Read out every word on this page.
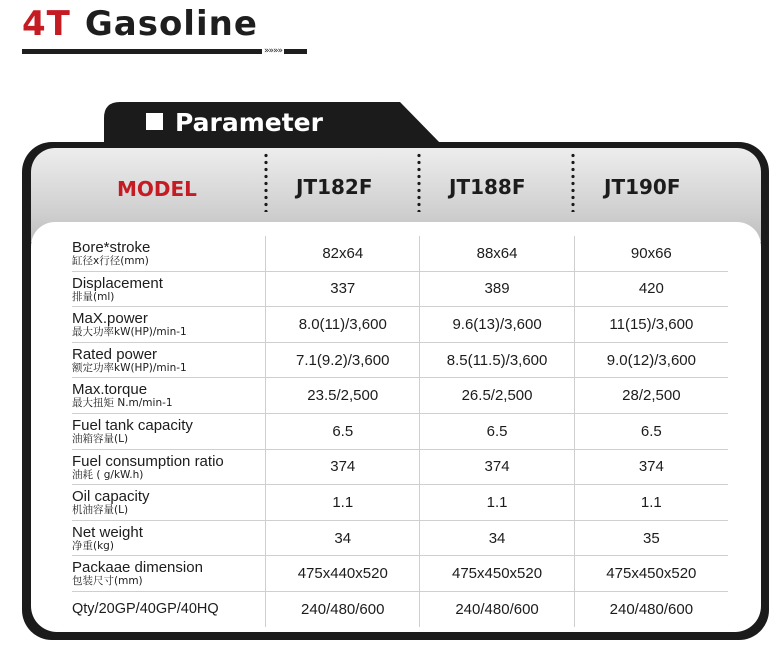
4T Gasoline
»»»»
Parameter
MODEL	JT182F	JT188F	JT190F
Bore*stroke
缸径x行径(mm)	82x64	88x64	90x66
Displacement
排量(ml)	337	389	420
MaX.power
最大功率kW(HP)/min-1	8.0(11)/3,600	9.6(13)/3,600	11(15)/3,600
Rated power
额定功率kW(HP)/min-1	7.1(9.2)/3,600	8.5(11.5)/3,600	9.0(12)/3,600
Max.torque
最大扭矩 N.m/min-1	23.5/2,500	26.5/2,500	28/2,500
Fuel tank capacity
油箱容量(L)	6.5	6.5	6.5
Fuel consumption ratio
油耗 ( g/kW.h)	374	374	374
Oil capacity
机油容量(L)	1.1	1.1	1.1
Net weight
净重(kg)	34	34	35
Packaae dimension
包装尺寸(mm)	475x440x520	475x450x520	475x450x520
Qty/20GP/40GP/40HQ	240/480/600	240/480/600	240/480/600
